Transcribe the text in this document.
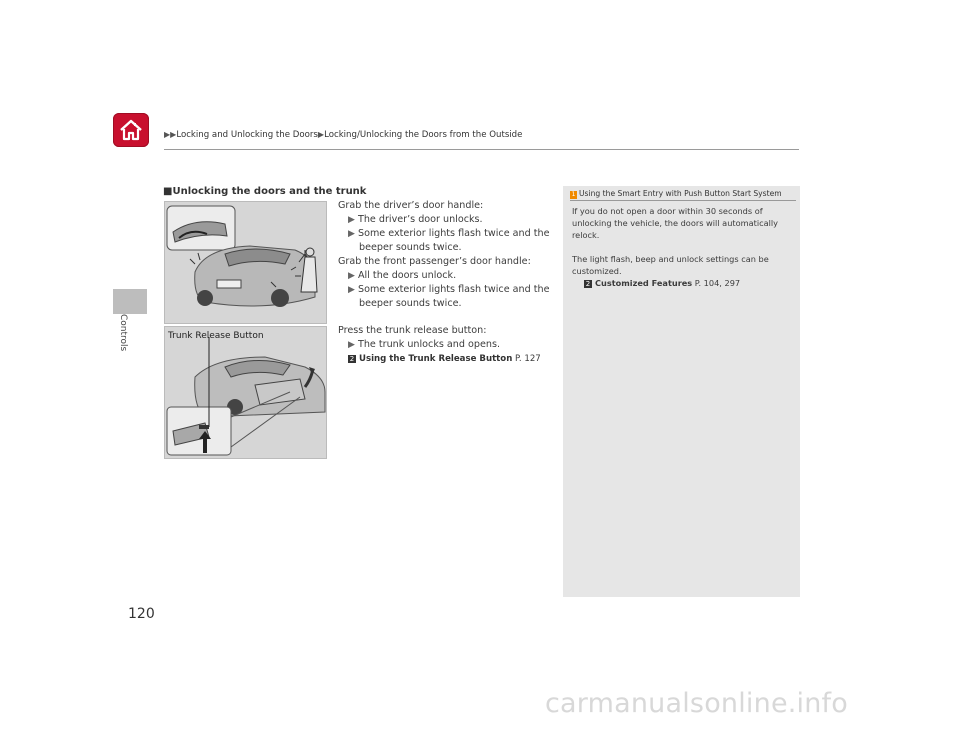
▶▶Locking and Unlocking the Doors▶Locking/Unlocking the Doors from the Outside
Controls
■Unlocking the doors and the trunk
Trunk Release Button
Grab the driver’s door handle:
▶ The driver’s door unlocks.
▶ Some exterior lights flash twice and the
beeper sounds twice.
Grab the front passenger’s door handle:
▶ All the doors unlock.
▶ Some exterior lights flash twice and the
beeper sounds twice.
Press the trunk release button:
▶ The trunk unlocks and opens.
2 Using the Trunk Release Button P. 127
1 Using the Smart Entry with Push Button Start System
If you do not open a door within 30 seconds of
unlocking the vehicle, the doors will automatically
relock.
The light flash, beep and unlock settings can be
customized.
2 Customized Features P. 104, 297
120
carmanualsonline.info
